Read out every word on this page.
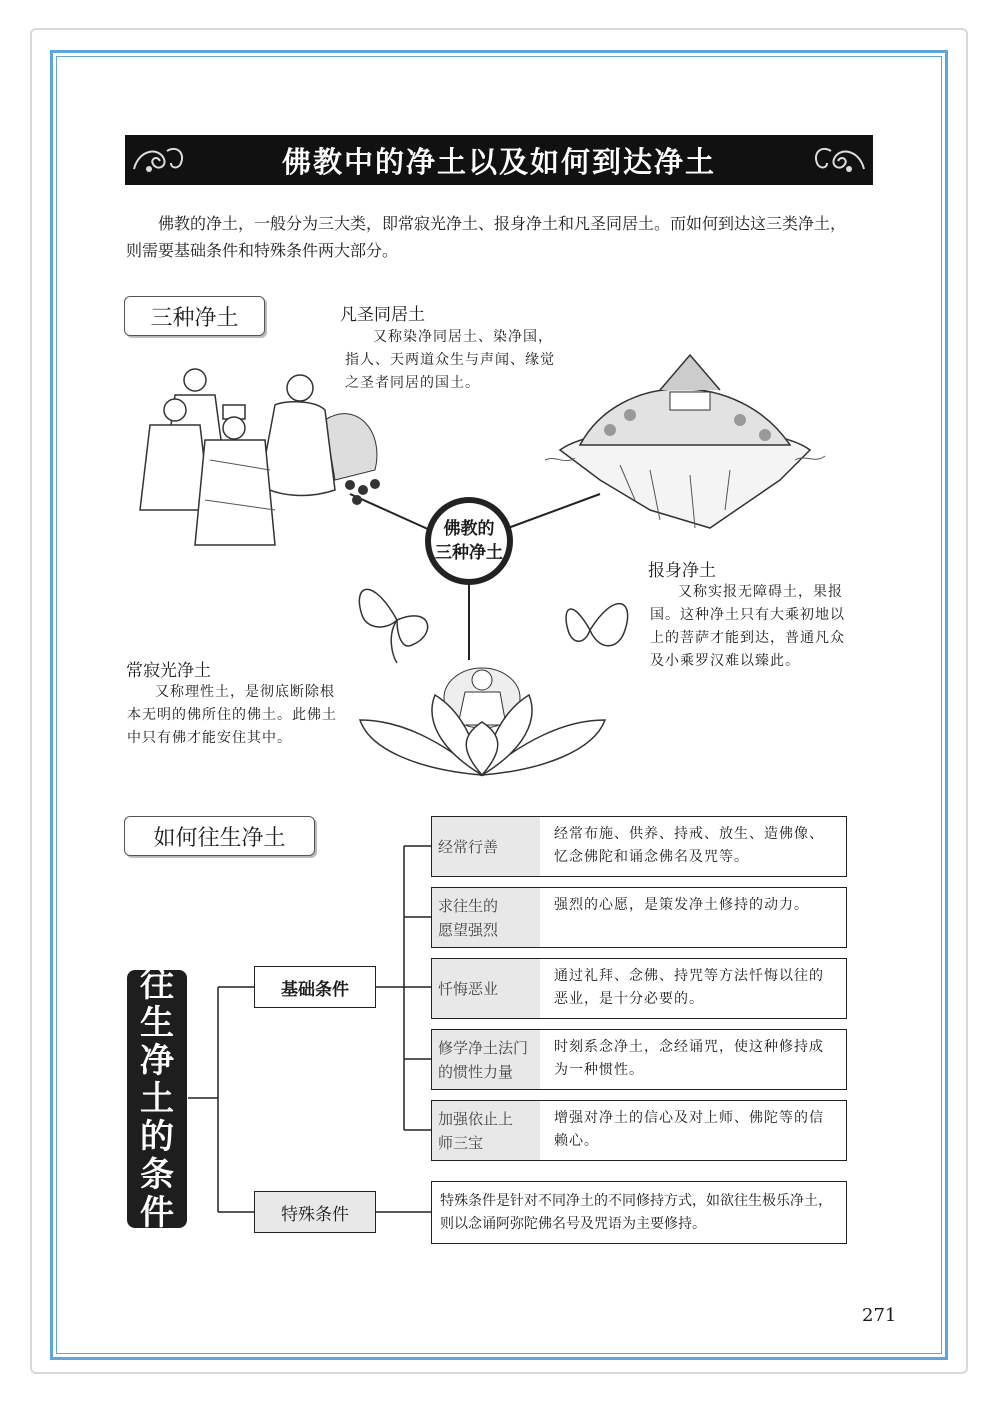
佛教中的净土以及如何到达净土

佛教的净土，一般分为三大类，即常寂光净土、报身净土和凡圣同居土。而如何到达这三类净土，则需要基础条件和特殊条件两大部分。

三种净土	凡圣同居土

又称染净同居土、染净国，指人、天两道众生与声闻、缘觉之圣者同居的国土。

报身净土

又称实报无障碍土，果报国。这种净土只有大乘初地以上的菩萨才能到达，普通凡众及小乘罗汉难以臻此。

常寂光净土

又称理性土，是彻底断除根本无明的佛所住的佛土。此佛土中只有佛才能安住其中。

佛教的
三种净土
如何往生净土
往
生
净
土
的
条
件
基础条件
特殊条件
经常行善
经常布施、供养、持戒、放生、造佛像、忆念佛陀和诵念佛名及咒等。
求往生的
愿望强烈
强烈的心愿，是策发净土修持的动力。
忏悔恶业
通过礼拜、念佛、持咒等方法忏悔以往的恶业，是十分必要的。
修学净土法门
的惯性力量
时刻系念净土，念经诵咒，使这种修持成为一种惯性。
加强依止上
师三宝
增强对净土的信心及对上师、佛陀等的信赖心。
特殊条件是针对不同净土的不同修持方式，如欲往生极乐净土，则以念诵阿弥陀佛名号及咒语为主要修持。
271
